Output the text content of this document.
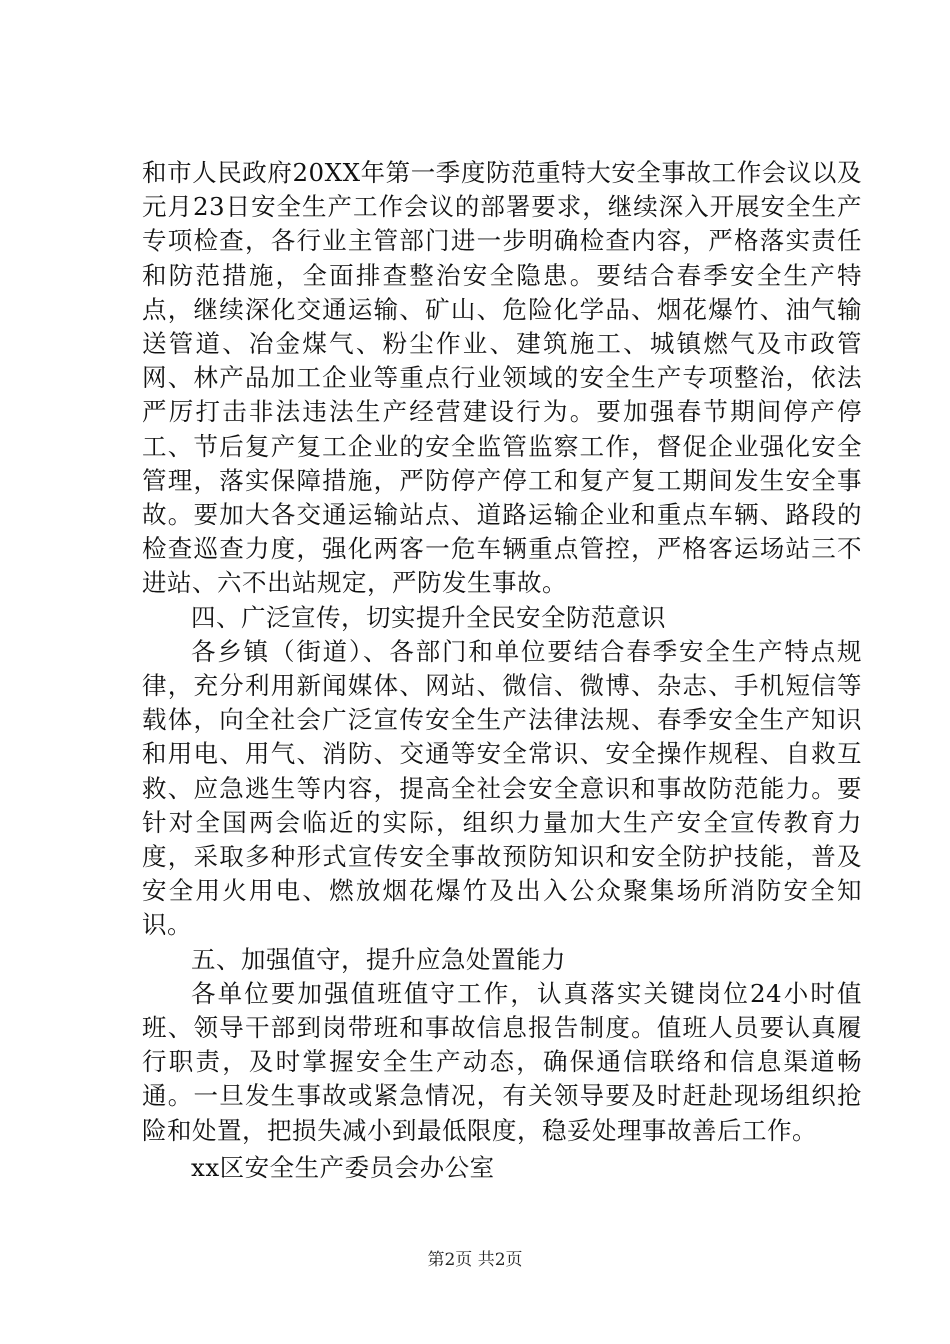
和市人民政府20XX年第一季度防范重特大安全事故工作会议以及元月23日安全生产工作会议的部署要求，继续深入开展安全生产专项检查，各行业主管部门进一步明确检查内容，严格落实责任和防范措施，全面排查整治安全隐患。要结合春季安全生产特点，继续深化交通运输、矿山、危险化学品、烟花爆竹、油气输送管道、冶金煤气、粉尘作业、建筑施工、城镇燃气及市政管网、林产品加工企业等重点行业领域的安全生产专项整治，依法严厉打击非法违法生产经营建设行为。要加强春节期间停产停工、节后复产复工企业的安全监管监察工作，督促企业强化安全管理，落实保障措施，严防停产停工和复产复工期间发生安全事故。要加大各交通运输站点、道路运输企业和重点车辆、路段的检查巡查力度，强化两客一危车辆重点管控，严格客运场站三不进站、六不出站规定，严防发生事故。

四、广泛宣传，切实提升全民安全防范意识

各乡镇（街道）、各部门和单位要结合春季安全生产特点规律，充分利用新闻媒体、网站、微信、微博、杂志、手机短信等载体，向全社会广泛宣传安全生产法律法规、春季安全生产知识和用电、用气、消防、交通等安全常识、安全操作规程、自救互救、应急逃生等内容，提高全社会安全意识和事故防范能力。要针对全国两会临近的实际，组织力量加大生产安全宣传教育力度，采取多种形式宣传安全事故预防知识和安全防护技能，普及安全用火用电、燃放烟花爆竹及出入公众聚集场所消防安全知识。

五、加强值守，提升应急处置能力

各单位要加强值班值守工作，认真落实关键岗位24小时值班、领导干部到岗带班和事故信息报告制度。值班人员要认真履行职责，及时掌握安全生产动态，确保通信联络和信息渠道畅通。一旦发生事故或紧急情况，有关领导要及时赶赴现场组织抢险和处置，把损失减小到最低限度，稳妥处理事故善后工作。

xx区安全生产委员会办公室

第2页 共2页
